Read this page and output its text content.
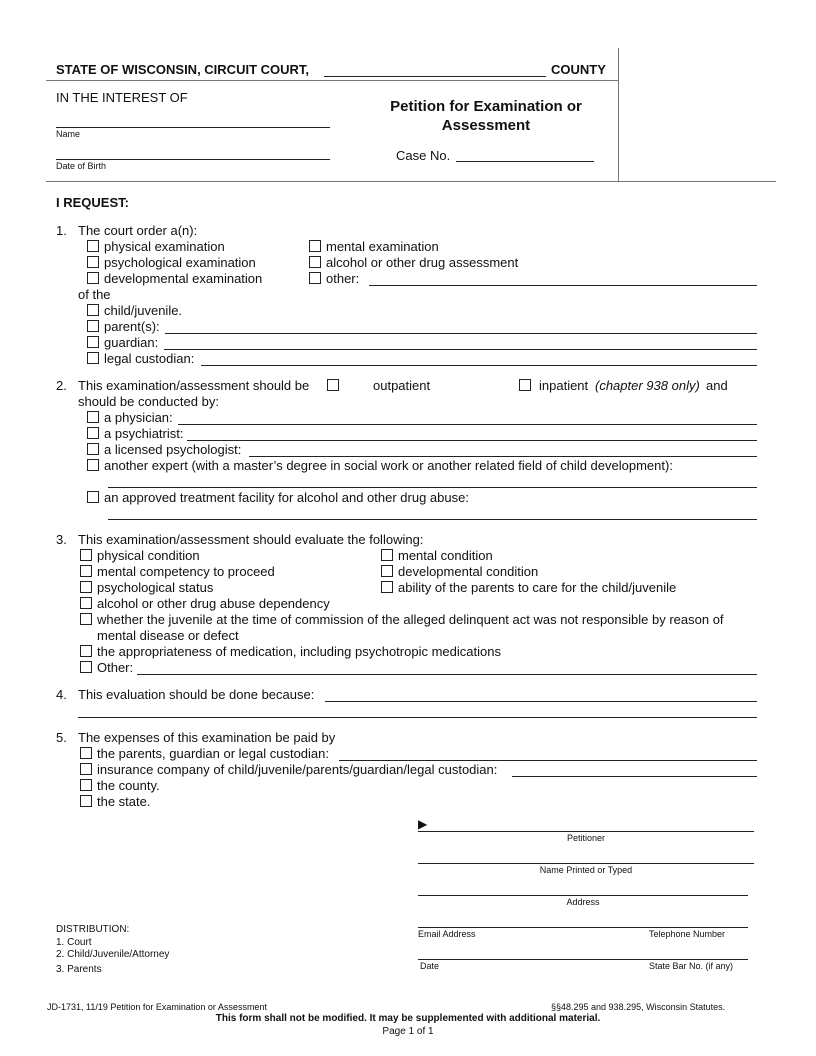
STATE OF WISCONSIN, CIRCUIT COURT,	COUNTY
IN THE INTEREST OF
Name
Date of Birth
Petition for Examination or
Assessment
Case No.
I REQUEST:
1. The court order a(n):
physical examination
psychological examination
developmental examination
mental examination
alcohol or other drug assessment
other:
of the
child/juvenile.
parent(s):
guardian:
legal custodian:
2. This examination/assessment should be	outpatient	inpatient (chapter 938 only) and
should be conducted by:
a physician:
a psychiatrist:
a licensed psychologist:
another expert (with a master’s degree in social work or another related field of child development):
an approved treatment facility for alcohol and other drug abuse:
3. This examination/assessment should evaluate the following:
physical condition
mental competency to proceed
psychological status
mental condition
developmental condition
ability of the parents to care for the child/juvenile
alcohol or other drug abuse dependency
whether the juvenile at the time of commission of the alleged delinquent act was not responsible by reason of
mental disease or defect
the appropriateness of medication, including psychotropic medications
Other:
4. This evaluation should be done because:
5. The expenses of this examination be paid by
the parents, guardian or legal custodian:
insurance company of child/juvenile/parents/guardian/legal custodian:
the county.
the state.
▶
Petitioner
Name Printed or Typed
Address
Email Address	Telephone Number
Date	State Bar No. (if any)
DISTRIBUTION:
1. Court
2. Child/Juvenile/Attorney
3. Parents
JD-1731, 11/19 Petition for Examination or Assessment	§§48.295 and 938.295, Wisconsin Statutes.
This form shall not be modified. It may be supplemented with additional material.
Page 1 of 1
